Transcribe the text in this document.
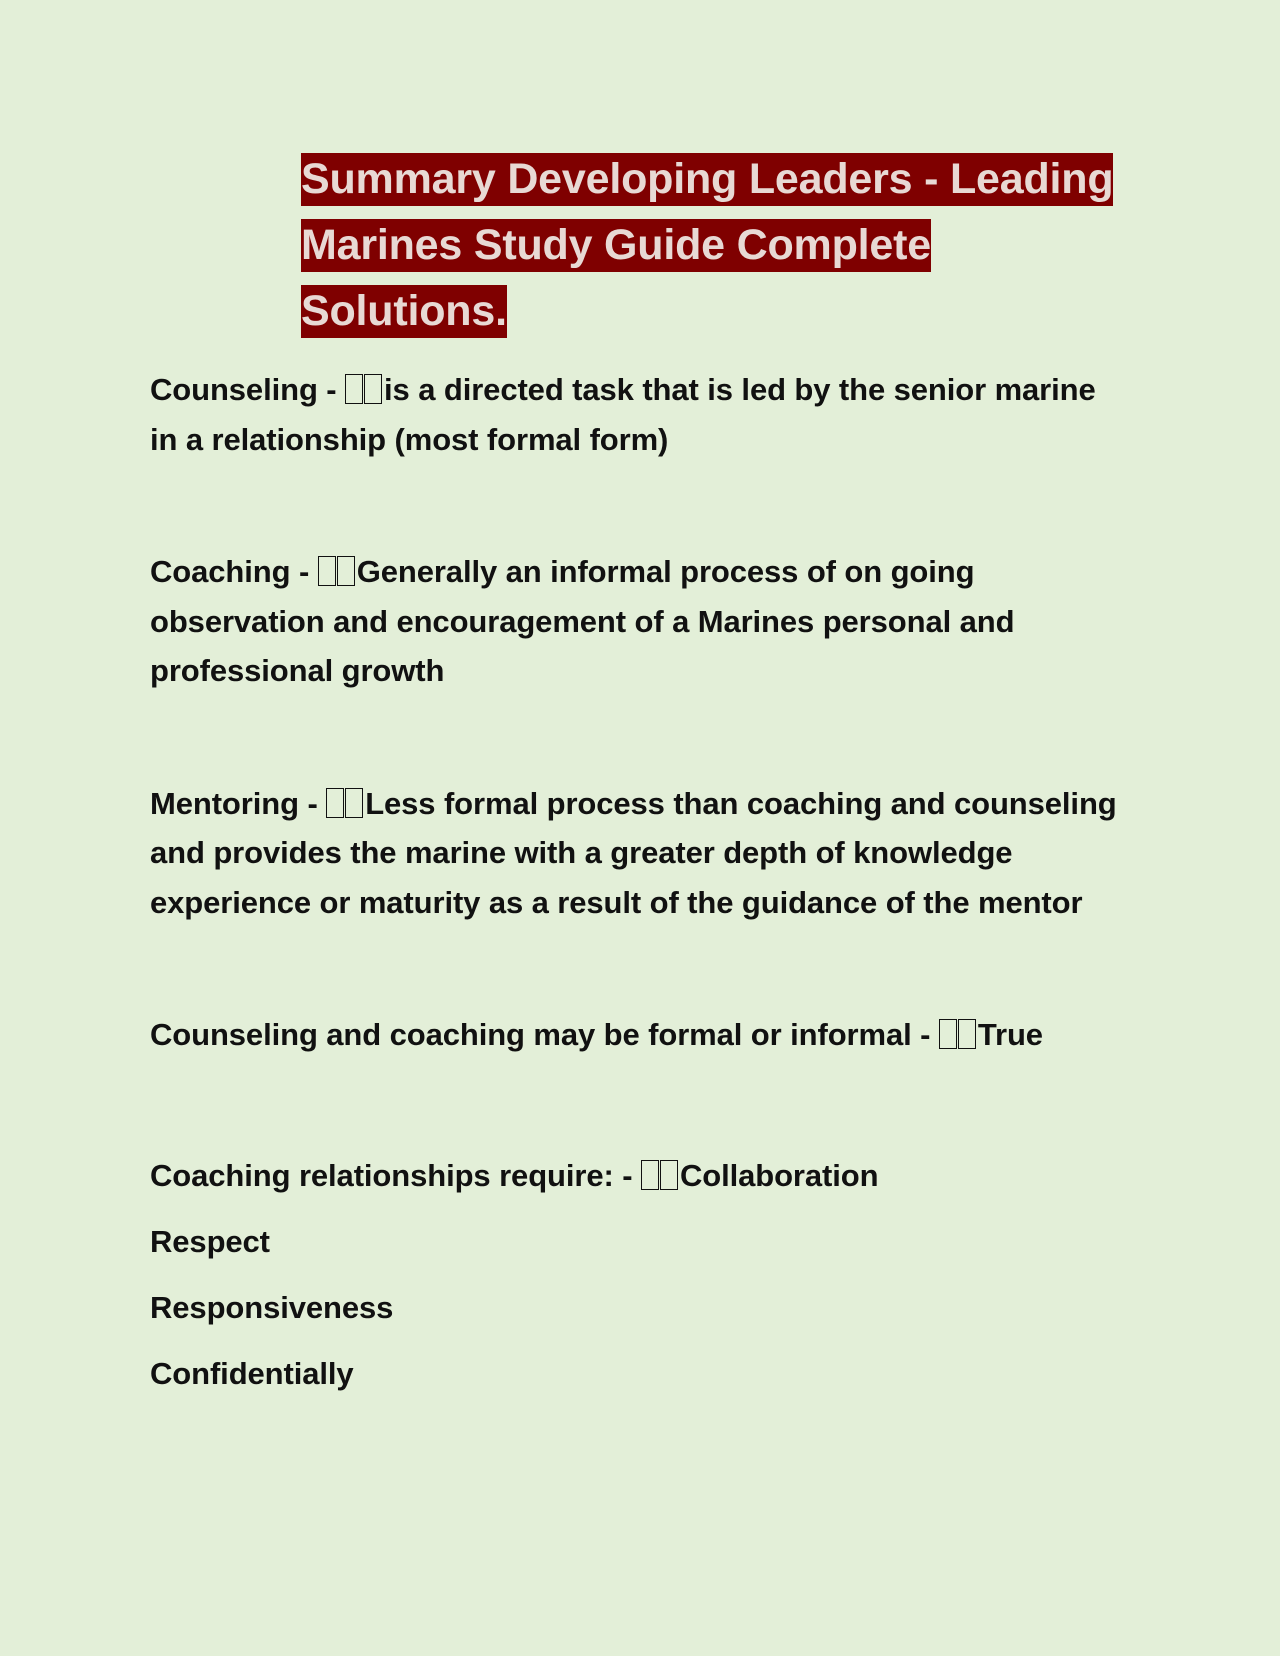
Summary Developing Leaders - Leading Marines Study Guide Complete Solutions.
Counseling - is a directed task that is led by the senior marine in a relationship (most formal form)
Coaching - Generally an informal process of on going observation and encouragement of a Marines personal and professional growth
Mentoring - Less formal process than coaching and counseling and provides the marine with a greater depth of knowledge experience or maturity as a result of the guidance of the mentor
Counseling and coaching may be formal or informal - True
Coaching relationships require: - Collaboration
Respect
Responsiveness
Confidentially
